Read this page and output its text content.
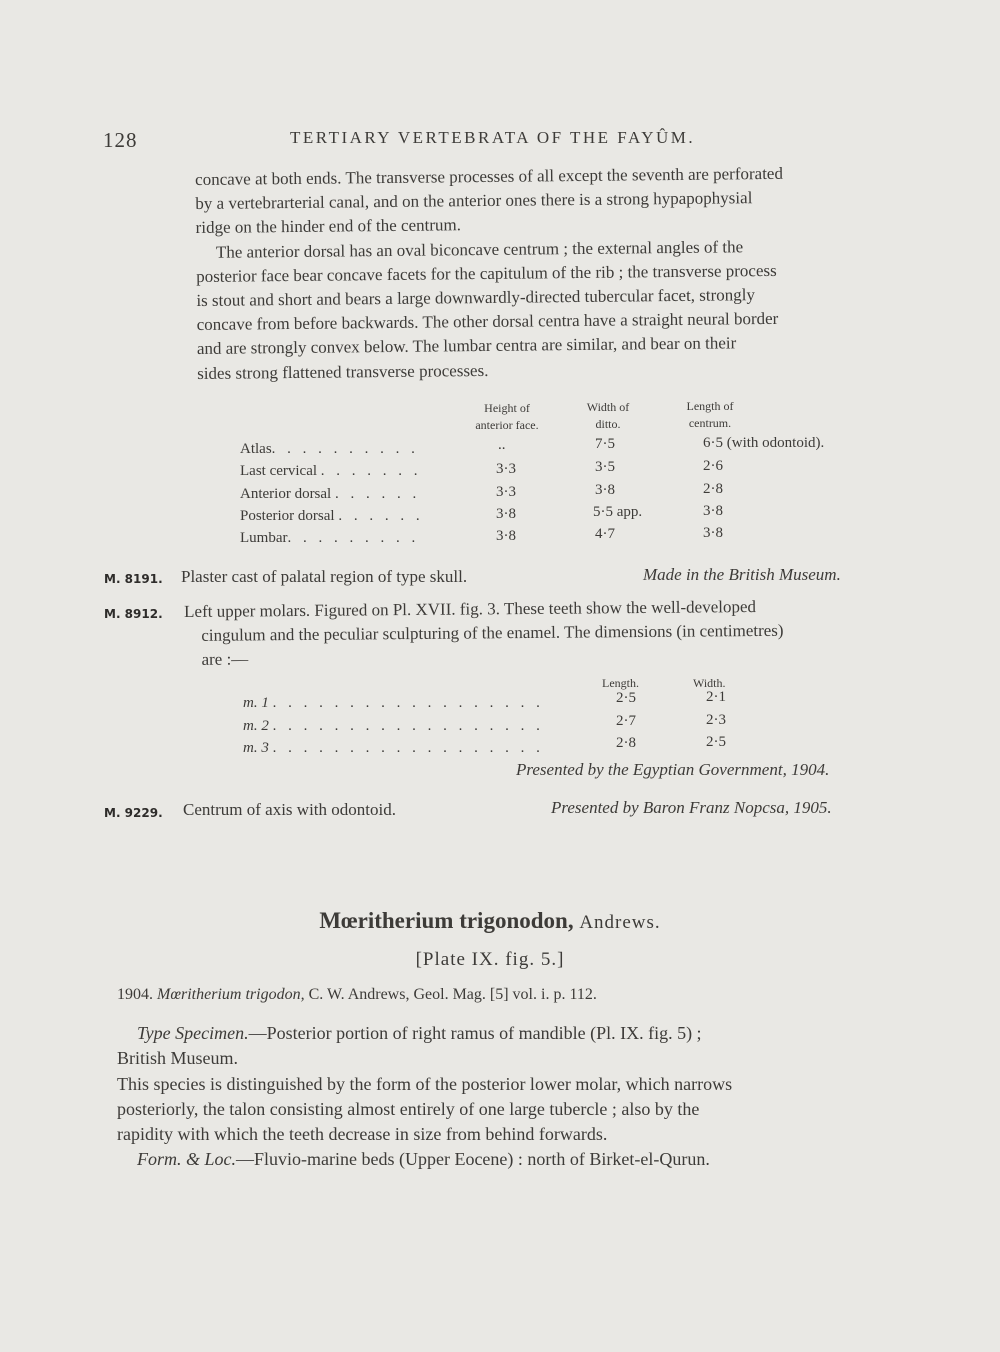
128	TERTIARY VERTEBRATA OF THE FAYÛM.
concave at both ends. The transverse processes of all except the seventh are perforated
by a vertebrarterial canal, and on the anterior ones there is a strong hypapophysial
ridge on the hinder end of the centrum.
The anterior dorsal has an oval biconcave centrum ; the external angles of the
posterior face bear concave facets for the capitulum of the rib ; the transverse process
is stout and short and bears a large downwardly-directed tubercular facet, strongly
concave from before backwards. The other dorsal centra have a straight neural border
and are strongly convex below. The lumbar centra are similar, and bear on their
sides strong flattened transverse processes.
Height of
anterior face.
Width of
ditto.
Length of
centrum.
Atlas. . . . . . . . . .	..	7·5	6·5 (with odontoid).
Last cervical . . . . . . .	3·3	3·5	2·6
Anterior dorsal . . . . . .	3·3	3·8	2·8
Posterior dorsal . . . . . .	3·8	5·5 app.	3·8
Lumbar. . . . . . . . .	3·8	4·7	3·8
M. 8191. Plaster cast of palatal region of type skull.	Made in the British Museum.
M. 8912. Left upper molars. Figured on Pl. XVII. fig. 3. These teeth show the well-developed
cingulum and the peculiar sculpturing of the enamel. The dimensions (in centimetres)
are :—
Length.	Width.
m. 1 . . . . . . . . . . . . . . . . . .	2·5	2·1
m. 2 . . . . . . . . . . . . . . . . . .	2·7	2·3
m. 3 . . . . . . . . . . . . . . . . . .	2·8	2·5
Presented by the Egyptian Government, 1904.
M. 9229. Centrum of axis with odontoid.	Presented by Baron Franz Nopcsa, 1905.
Mœritherium trigonodon, Andrews.
[Plate IX. fig. 5.]
1904. Mœritherium trigodon, C. W. Andrews, Geol. Mag. [5] vol. i. p. 112.
Type Specimen.—Posterior portion of right ramus of mandible (Pl. IX. fig. 5) ;
British Museum.
This species is distinguished by the form of the posterior lower molar, which narrows
posteriorly, the talon consisting almost entirely of one large tubercle ; also by the
rapidity with which the teeth decrease in size from behind forwards.
Form. & Loc.—Fluvio-marine beds (Upper Eocene) : north of Birket-el-Qurun.
